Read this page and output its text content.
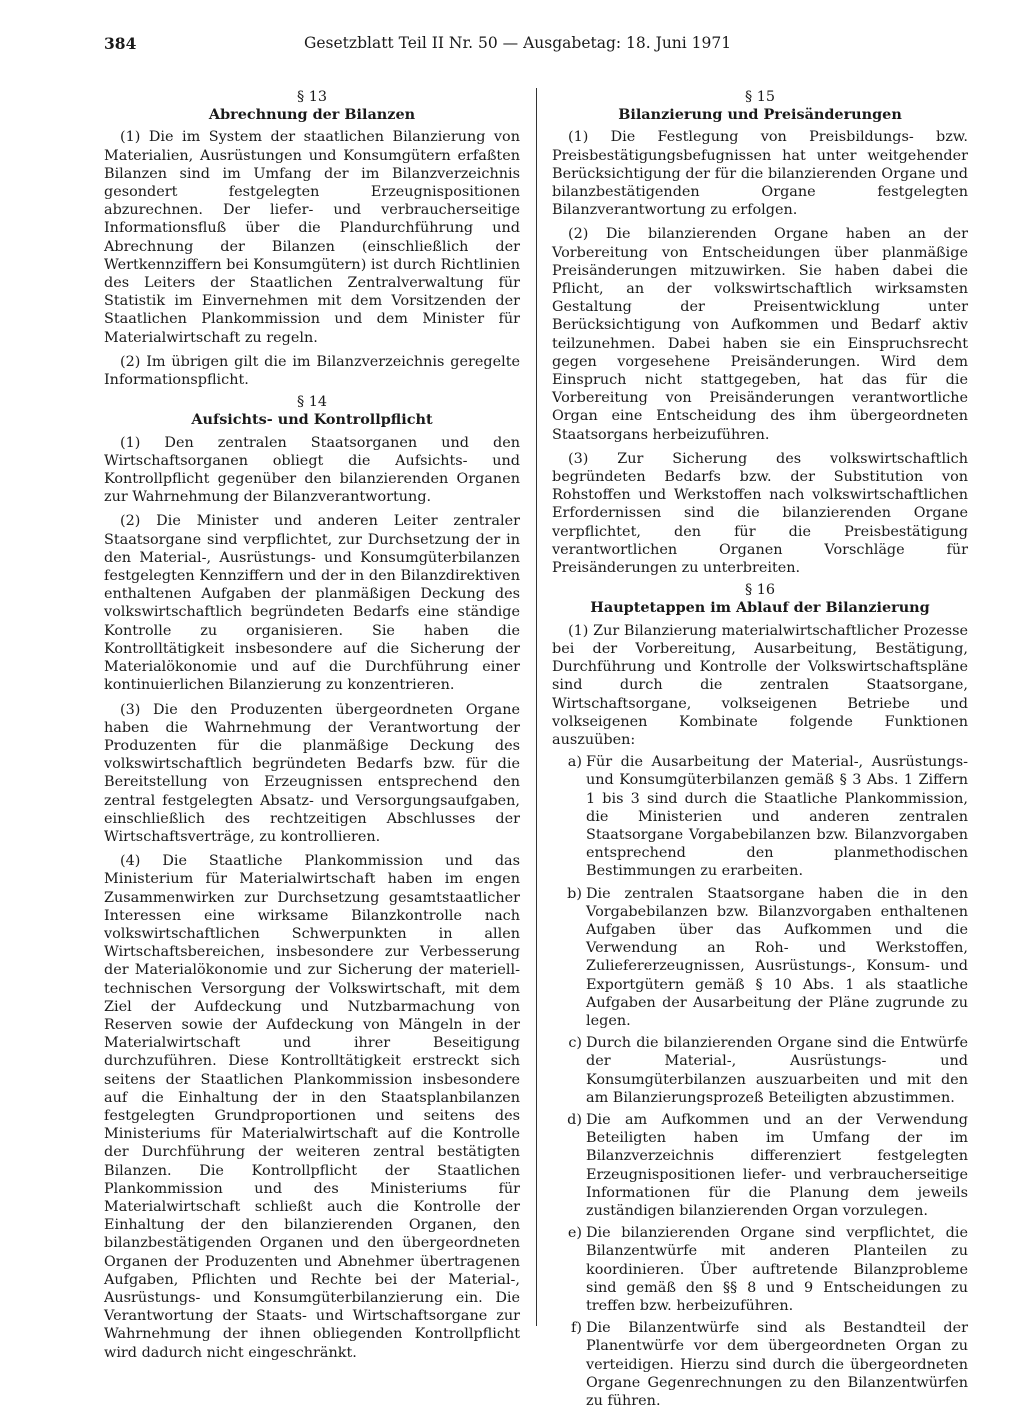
384	Gesetzblatt Teil II Nr. 50 — Ausgabetag: 18. Juni 1971
§ 13
Abrechnung der Bilanzen

(1) Die im System der staatlichen Bilanzierung von Materialien, Ausrüstungen und Konsumgütern erfaßten Bilanzen sind im Umfang der im Bilanzverzeichnis gesondert festgelegten Erzeugnispositionen abzurechnen. Der liefer- und verbraucherseitige Informationsfluß über die Plandurchführung und Abrechnung der Bilanzen (einschließlich der Wertkennziffern bei Konsumgütern) ist durch Richtlinien des Leiters der Staatlichen Zentralverwaltung für Statistik im Einvernehmen mit dem Vorsitzenden der Staatlichen Plankommission und dem Minister für Materialwirtschaft zu regeln.

(2) Im übrigen gilt die im Bilanzverzeichnis geregelte Informationspflicht.

§ 14
Aufsichts- und Kontrollpflicht

(1) Den zentralen Staatsorganen und den Wirtschaftsorganen obliegt die Aufsichts- und Kontrollpflicht gegenüber den bilanzierenden Organen zur Wahrnehmung der Bilanzverantwortung.

(2) Die Minister und anderen Leiter zentraler Staatsorgane sind verpflichtet, zur Durchsetzung der in den Material-, Ausrüstungs- und Konsumgüterbilanzen festgelegten Kennziffern und der in den Bilanzdirektiven enthaltenen Aufgaben der planmäßigen Deckung des volkswirtschaftlich begründeten Bedarfs eine ständige Kontrolle zu organisieren. Sie haben die Kontrolltätigkeit insbesondere auf die Sicherung der Materialökonomie und auf die Durchführung einer kontinuierlichen Bilanzierung zu konzentrieren.

(3) Die den Produzenten übergeordneten Organe haben die Wahrnehmung der Verantwortung der Produzenten für die planmäßige Deckung des volkswirtschaftlich begründeten Bedarfs bzw. für die Bereitstellung von Erzeugnissen entsprechend den zentral festgelegten Absatz- und Versorgungsaufgaben, einschließlich des rechtzeitigen Abschlusses der Wirtschaftsverträge, zu kontrollieren.

(4) Die Staatliche Plankommission und das Ministerium für Materialwirtschaft haben im engen Zusammenwirken zur Durchsetzung gesamtstaatlicher Interessen eine wirksame Bilanzkontrolle nach volkswirtschaftlichen Schwerpunkten in allen Wirtschaftsbereichen, insbesondere zur Verbesserung der Materialökonomie und zur Sicherung der materiell-technischen Versorgung der Volkswirtschaft, mit dem Ziel der Aufdeckung und Nutzbarmachung von Reserven sowie der Aufdeckung von Mängeln in der Materialwirtschaft und ihrer Beseitigung durchzuführen. Diese Kontrolltätigkeit erstreckt sich seitens der Staatlichen Plankommission insbesondere auf die Einhaltung der in den Staatsplanbilanzen festgelegten Grundproportionen und seitens des Ministeriums für Materialwirtschaft auf die Kontrolle der Durchführung der weiteren zentral bestätigten Bilanzen. Die Kontrollpflicht der Staatlichen Plankommission und des Ministeriums für Materialwirtschaft schließt auch die Kontrolle der Einhaltung der den bilanzierenden Organen, den bilanzbestätigenden Organen und den übergeordneten Organen der Produzenten und Abnehmer übertragenen Aufgaben, Pflichten und Rechte bei der Material-, Ausrüstungs- und Konsumgüterbilanzierung ein. Die Verantwortung der Staats- und Wirtschaftsorgane zur Wahrnehmung der ihnen obliegenden Kontrollpflicht wird dadurch nicht eingeschränkt.

§ 15
Bilanzierung und Preisänderungen

(1) Die Festlegung von Preisbildungs- bzw. Preisbestätigungsbefugnissen hat unter weitgehender Berücksichtigung der für die bilanzierenden Organe und bilanzbestätigenden Organe festgelegten Bilanzverantwortung zu erfolgen.

(2) Die bilanzierenden Organe haben an der Vorbereitung von Entscheidungen über planmäßige Preisänderungen mitzuwirken. Sie haben dabei die Pflicht, an der volkswirtschaftlich wirksamsten Gestaltung der Preisentwicklung unter Berücksichtigung von Aufkommen und Bedarf aktiv teilzunehmen. Dabei haben sie ein Einspruchsrecht gegen vorgesehene Preisänderungen. Wird dem Einspruch nicht stattgegeben, hat das für die Vorbereitung von Preisänderungen verantwortliche Organ eine Entscheidung des ihm übergeordneten Staatsorgans herbeizuführen.

(3) Zur Sicherung des volkswirtschaftlich begründeten Bedarfs bzw. der Substitution von Rohstoffen und Werkstoffen nach volkswirtschaftlichen Erfordernissen sind die bilanzierenden Organe verpflichtet, den für die Preisbestätigung verantwortlichen Organen Vorschläge für Preisänderungen zu unterbreiten.

§ 16
Hauptetappen im Ablauf der Bilanzierung

(1) Zur Bilanzierung materialwirtschaftlicher Prozesse bei der Vorbereitung, Ausarbeitung, Bestätigung, Durchführung und Kontrolle der Volkswirtschaftspläne sind durch die zentralen Staatsorgane, Wirtschaftsorgane, volkseigenen Betriebe und volkseigenen Kombinate folgende Funktionen auszuüben:

a) Für die Ausarbeitung der Material-, Ausrüstungs- und Konsumgüterbilanzen gemäß § 3 Abs. 1 Ziffern 1 bis 3 sind durch die Staatliche Plankommission, die Ministerien und anderen zentralen Staatsorgane Vorgabebilanzen bzw. Bilanzvorgaben entsprechend den planmethodischen Bestimmungen zu erarbeiten.
b) Die zentralen Staatsorgane haben die in den Vorgabebilanzen bzw. Bilanzvorgaben enthaltenen Aufgaben über das Aufkommen und die Verwendung an Roh- und Werkstoffen, Zuliefererzeugnissen, Ausrüstungs-, Konsum- und Exportgütern gemäß § 10 Abs. 1 als staatliche Aufgaben der Ausarbeitung der Pläne zugrunde zu legen.
c) Durch die bilanzierenden Organe sind die Entwürfe der Material-, Ausrüstungs- und Konsumgüterbilanzen auszuarbeiten und mit den am Bilanzierungsprozeß Beteiligten abzustimmen.
d) Die am Aufkommen und an der Verwendung Beteiligten haben im Umfang der im Bilanzverzeichnis differenziert festgelegten Erzeugnispositionen liefer- und verbraucherseitige Informationen für die Planung dem jeweils zuständigen bilanzierenden Organ vorzulegen.
e) Die bilanzierenden Organe sind verpflichtet, die Bilanzentwürfe mit anderen Planteilen zu koordinieren. Über auftretende Bilanzprobleme sind gemäß den §§ 8 und 9 Entscheidungen zu treffen bzw. herbeizuführen.
f) Die Bilanzentwürfe sind als Bestandteil der Planentwürfe vor dem übergeordneten Organ zu verteidigen. Hierzu sind durch die übergeordneten Organe Gegenrechnungen zu den Bilanzentwürfen zu führen.
